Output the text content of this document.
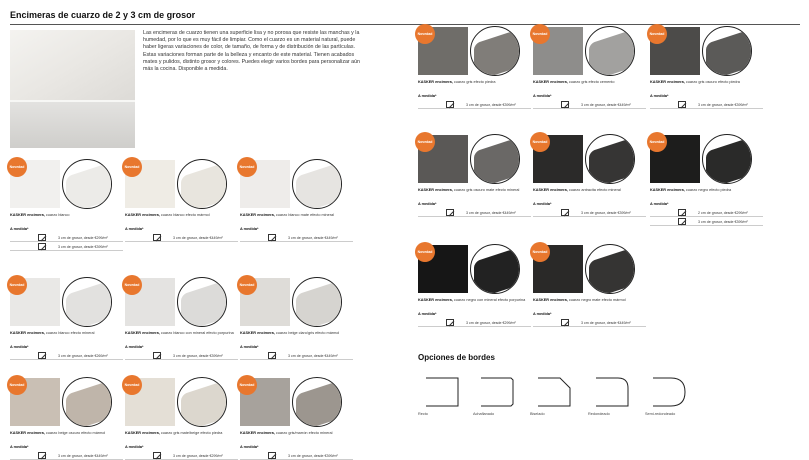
Encimeras de cuarzo de 2 y 3 cm de grosor
Las encimeras de cuarzo tienen una superficie lisa y no porosa que resiste las manchas y la humedad, por lo que es muy fácil de limpiar. Como el cuarzo es un material natural, puede haber ligeras variaciones de color, de tamaño, de forma y de distribución de las partículas. Estas variaciones forman parte de la belleza y encanto de este material. Tienen acabados mates y pulidos, distinto grosor y colores. Puedes elegir varios bordes para personalizar aún más la cocina. Disponible a medida.
Novedad
KASKER encimera, cuarzo blanco
A medida*
3 cm de grosor, desde €299/m²
3 cm de grosor, desde €399/m²
Novedad
KASKER encimera, cuarzo blanco efecto mármol
A medida*
3 cm de grosor, desde €449/m²
Novedad
KASKER encimera, cuarzo blanco mate efecto mineral
A medida*
3 cm de grosor, desde €449/m²
Novedad
KASKER encimera, cuarzo blanco efecto mineral
A medida*
3 cm de grosor, desde €269/m²
Novedad
KASKER encimera, cuarzo blanco con mineral efecto porpurina
A medida*
3 cm de grosor, desde €399/m²
Novedad
KASKER encimera, cuarzo beige claro/gris efecto mármol
A medida*
3 cm de grosor, desde €449/m²
Novedad
KASKER encimera, cuarzo beige oscuro efecto mármol
A medida*
3 cm de grosor, desde €449/m²
Novedad
KASKER encimera, cuarzo gris mate/beige efecto piedra
A medida*
3 cm de grosor, desde €299/m²
Novedad
KASKER encimera, cuarzo gris/marrón efecto mineral
A medida*
3 cm de grosor, desde €399/m²
Novedad
KASKER encimera, cuarzo gris efecto piedra
A medida*
3 cm de grosor, desde €399/m²
Novedad
KASKER encimera, cuarzo gris efecto cemento
A medida*
3 cm de grosor, desde €449/m²
Novedad
KASKER encimera, cuarzo gris oscuro efecto piedra
A medida*
3 cm de grosor, desde €399/m²
Novedad
KASKER encimera, cuarzo gris oscuro mate efecto mineral
A medida*
3 cm de grosor, desde €449/m²
Novedad
KASKER encimera, cuarzo antracita efecto mineral
A medida*
3 cm de grosor, desde €399/m²
Novedad
KASKER encimera, cuarzo negro efecto piedra
A medida*
2 cm de grosor, desde €299/m²
3 cm de grosor, desde €399/m²
Novedad
KASKER encimera, cuarzo negro con mineral efecto porpurina
A medida*
3 cm de grosor, desde €299/m²
Novedad
KASKER encimera, cuarzo negro mate efecto mármol
A medida*
3 cm de grosor, desde €449/m²
Opciones de bordes
Recto	Achaflanado	Biselado	Redondeado	Semi-redondeado
